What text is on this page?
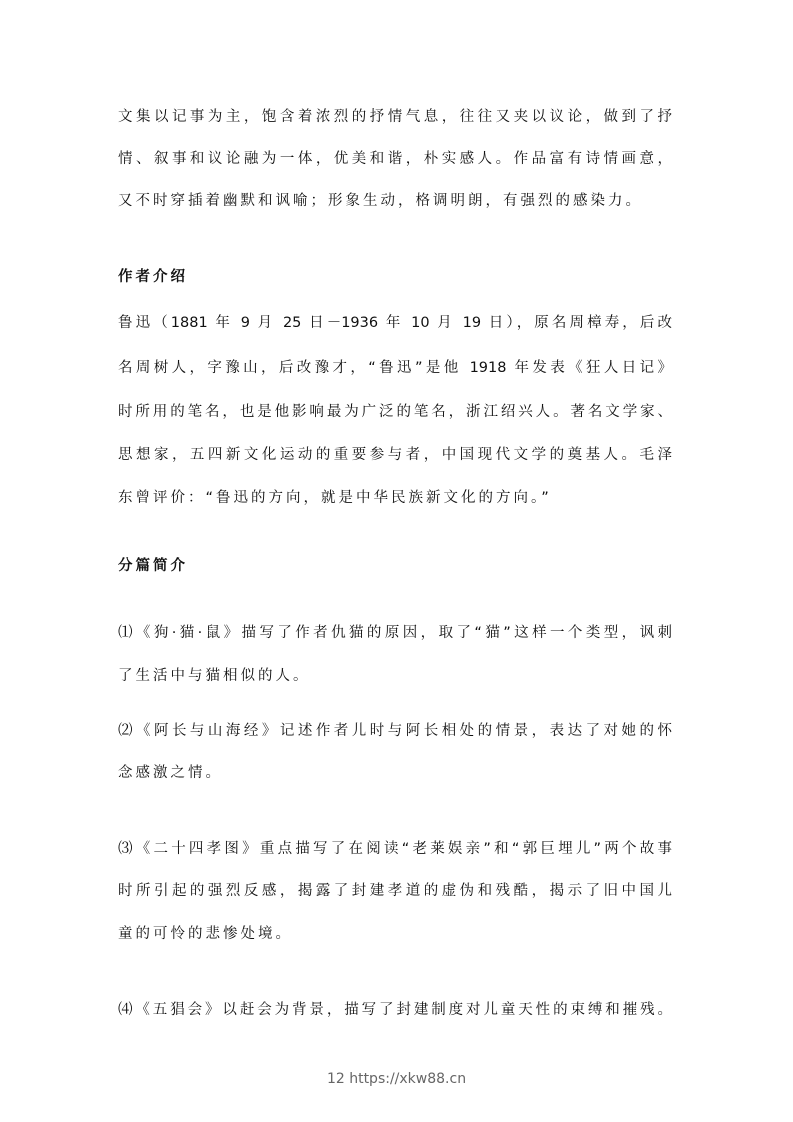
文集以记事为主，饱含着浓烈的抒情气息，往往又夹以议论，做到了抒
情、叙事和议论融为一体，优美和谐，朴实感人。作品富有诗情画意，
又不时穿插着幽默和讽喻；形象生动，格调明朗，有强烈的感染力。
作者介绍
鲁迅（1881 年 9 月 25 日－1936 年 10 月 19 日），原名周樟寿，后改
名周树人，字豫山，后改豫才，“鲁迅”是他 1918 年发表《狂人日记》
时所用的笔名，也是他影响最为广泛的笔名，浙江绍兴人。著名文学家、
思想家，五四新文化运动的重要参与者，中国现代文学的奠基人。毛泽
东曾评价：“鲁迅的方向，就是中华民族新文化的方向。”
分篇简介
⑴《狗·猫·鼠》描写了作者仇猫的原因，取了“猫”这样一个类型，讽刺
了生活中与猫相似的人。
⑵《阿长与山海经》记述作者儿时与阿长相处的情景，表达了对她的怀
念感激之情。
⑶《二十四孝图》重点描写了在阅读“老莱娱亲”和“郭巨埋儿”两个故事
时所引起的强烈反感，揭露了封建孝道的虚伪和残酷，揭示了旧中国儿
童的可怜的悲惨处境。
⑷《五猖会》以赶会为背景，描写了封建制度对儿童天性的束缚和摧残。
12 https://xkw88.cn
